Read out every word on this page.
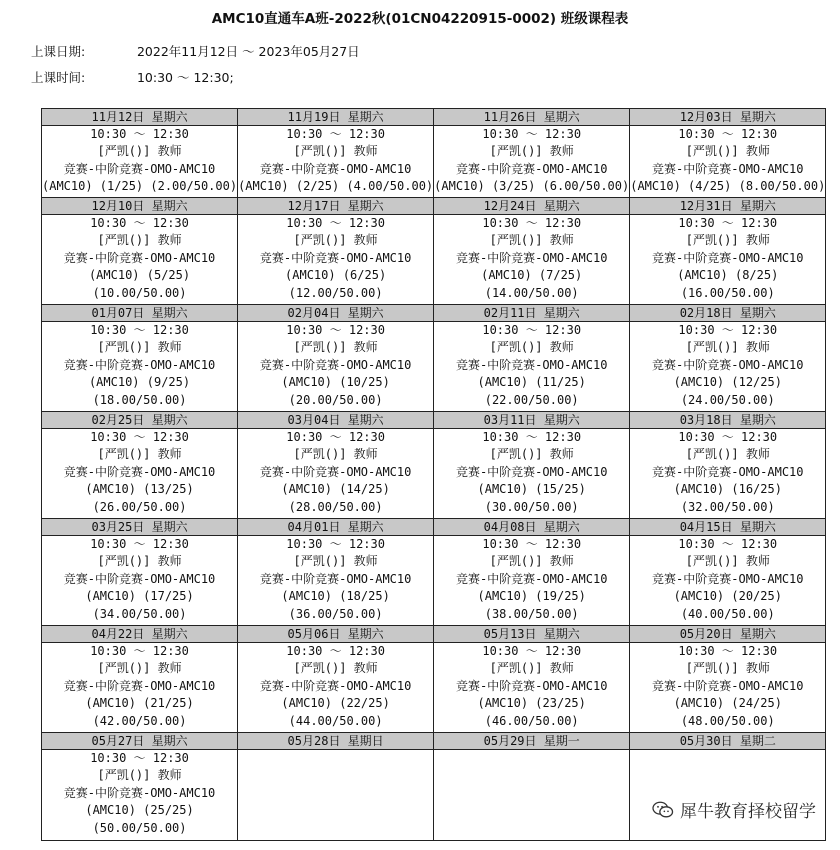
AMC10直通车A班-2022秋(01CN04220915-0002) 班级课程表
上课日期:	2022年11月12日 ～ 2023年05月27日
上课时间:	10:30 ～ 12:30;
11月12日 星期六	11月19日 星期六	11月26日 星期六	12月03日 星期六

10:30 ～ 12:30
[严凯()] 教师
竞赛-中阶竞赛-OMO-AMC10
(AMC10) (1/25) (2.00/50.00)	10:30 ～ 12:30
[严凯()] 教师
竞赛-中阶竞赛-OMO-AMC10
(AMC10) (2/25) (4.00/50.00)	10:30 ～ 12:30
[严凯()] 教师
竞赛-中阶竞赛-OMO-AMC10
(AMC10) (3/25) (6.00/50.00)	10:30 ～ 12:30
[严凯()] 教师
竞赛-中阶竞赛-OMO-AMC10
(AMC10) (4/25) (8.00/50.00)

12月10日 星期六	12月17日 星期六	12月24日 星期六	12月31日 星期六

10:30 ～ 12:30
[严凯()] 教师
竞赛-中阶竞赛-OMO-AMC10
(AMC10) (5/25)
(10.00/50.00)	10:30 ～ 12:30
[严凯()] 教师
竞赛-中阶竞赛-OMO-AMC10
(AMC10) (6/25)
(12.00/50.00)	10:30 ～ 12:30
[严凯()] 教师
竞赛-中阶竞赛-OMO-AMC10
(AMC10) (7/25)
(14.00/50.00)	10:30 ～ 12:30
[严凯()] 教师
竞赛-中阶竞赛-OMO-AMC10
(AMC10) (8/25)
(16.00/50.00)

01月07日 星期六	02月04日 星期六	02月11日 星期六	02月18日 星期六

10:30 ～ 12:30
[严凯()] 教师
竞赛-中阶竞赛-OMO-AMC10
(AMC10) (9/25)
(18.00/50.00)	10:30 ～ 12:30
[严凯()] 教师
竞赛-中阶竞赛-OMO-AMC10
(AMC10) (10/25)
(20.00/50.00)	10:30 ～ 12:30
[严凯()] 教师
竞赛-中阶竞赛-OMO-AMC10
(AMC10) (11/25)
(22.00/50.00)	10:30 ～ 12:30
[严凯()] 教师
竞赛-中阶竞赛-OMO-AMC10
(AMC10) (12/25)
(24.00/50.00)

02月25日 星期六	03月04日 星期六	03月11日 星期六	03月18日 星期六

10:30 ～ 12:30
[严凯()] 教师
竞赛-中阶竞赛-OMO-AMC10
(AMC10) (13/25)
(26.00/50.00)	10:30 ～ 12:30
[严凯()] 教师
竞赛-中阶竞赛-OMO-AMC10
(AMC10) (14/25)
(28.00/50.00)	10:30 ～ 12:30
[严凯()] 教师
竞赛-中阶竞赛-OMO-AMC10
(AMC10) (15/25)
(30.00/50.00)	10:30 ～ 12:30
[严凯()] 教师
竞赛-中阶竞赛-OMO-AMC10
(AMC10) (16/25)
(32.00/50.00)

03月25日 星期六	04月01日 星期六	04月08日 星期六	04月15日 星期六

10:30 ～ 12:30
[严凯()] 教师
竞赛-中阶竞赛-OMO-AMC10
(AMC10) (17/25)
(34.00/50.00)	10:30 ～ 12:30
[严凯()] 教师
竞赛-中阶竞赛-OMO-AMC10
(AMC10) (18/25)
(36.00/50.00)	10:30 ～ 12:30
[严凯()] 教师
竞赛-中阶竞赛-OMO-AMC10
(AMC10) (19/25)
(38.00/50.00)	10:30 ～ 12:30
[严凯()] 教师
竞赛-中阶竞赛-OMO-AMC10
(AMC10) (20/25)
(40.00/50.00)

04月22日 星期六	05月06日 星期六	05月13日 星期六	05月20日 星期六

10:30 ～ 12:30
[严凯()] 教师
竞赛-中阶竞赛-OMO-AMC10
(AMC10) (21/25)
(42.00/50.00)	10:30 ～ 12:30
[严凯()] 教师
竞赛-中阶竞赛-OMO-AMC10
(AMC10) (22/25)
(44.00/50.00)	10:30 ～ 12:30
[严凯()] 教师
竞赛-中阶竞赛-OMO-AMC10
(AMC10) (23/25)
(46.00/50.00)	10:30 ～ 12:30
[严凯()] 教师
竞赛-中阶竞赛-OMO-AMC10
(AMC10) (24/25)
(48.00/50.00)

05月27日 星期六	05月28日 星期日	05月29日 星期一	05月30日 星期二

10:30 ～ 12:30
[严凯()] 教师
竞赛-中阶竞赛-OMO-AMC10
(AMC10) (25/25)
(50.00/50.00)			

犀牛教育择校留学
